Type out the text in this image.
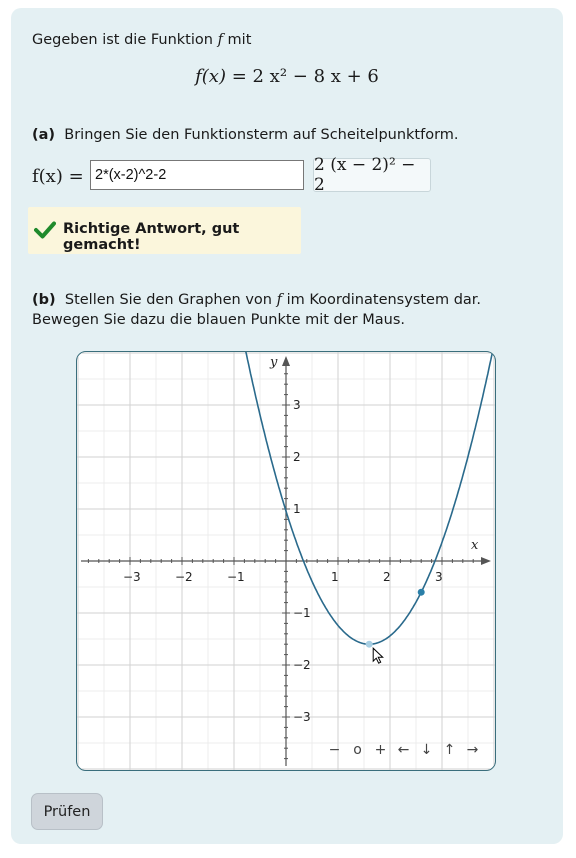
Gegeben ist die Funktion f mit
f(x) = 2 x² − 8 x + 6
(a) Bringen Sie den Funktionsterm auf Scheitelpunktform.
f(x) =
2*(x-2)^2-2
2 (x − 2)² − 2
Richtige Antwort, gut gemacht!
(b) Stellen Sie den Graphen von f im Koordinatensystem dar. Bewegen Sie dazu die blauen Punkte mit der Maus.
−3	−2	−1	1	2	3
3
2
1
−1
−2
−3
x
y
− o + ← ↓ ↑ →
Prüfen
